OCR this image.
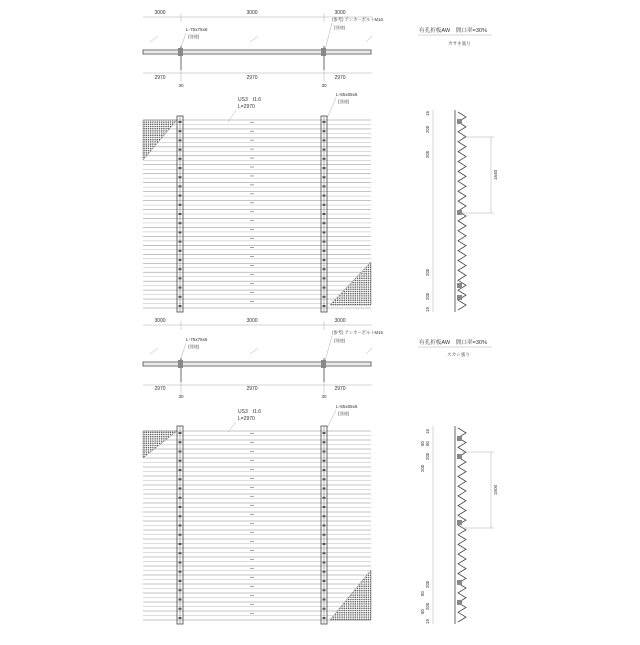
3000	3000	3000
L-75x75x6
(別途)
(参考) アンカーボルトM16
(別途)
2970	2970	2970
30	30
US3　t1.6
L=2970
L-65x65x6
(別途)
有孔折板AW　開口率=30%
カサネ張り
15
200
200
200
200
15
1640
3000	3000	3000
L-75x75x6
(別途)
(参考) アンカーボルトM16
(別途)
2970	2970	2970
30	30
US3　t1.6
L=2970
L-65x65x6
(別途)
有孔折板AW　開口率=30%
スカシ張り
15
80
200
80
200
200
80
200
80
15
1500
